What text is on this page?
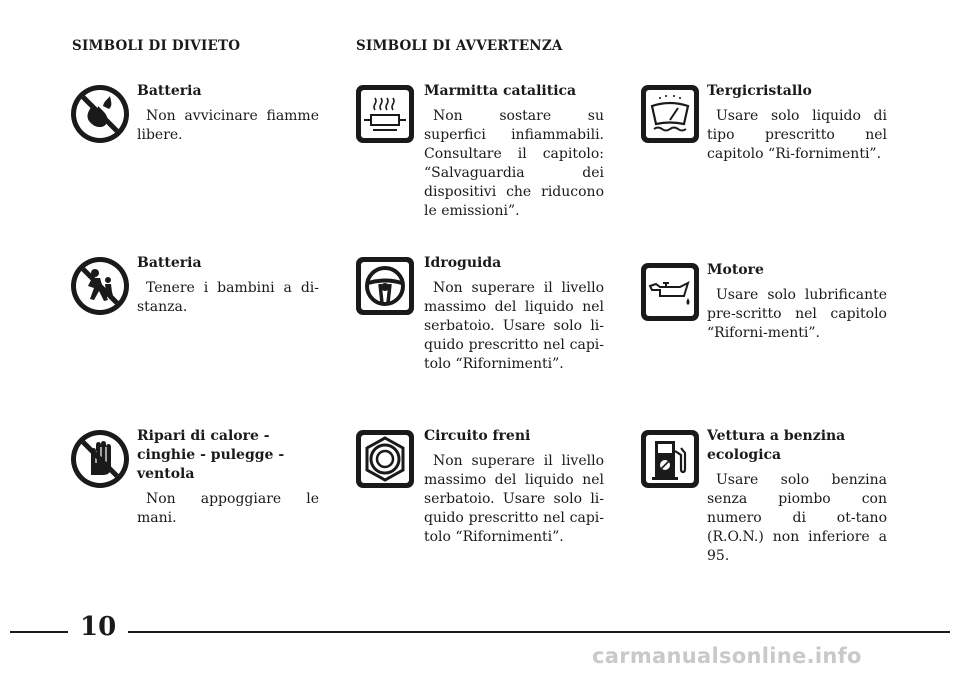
SIMBOLI DI DIVIETO	SIMBOLI DI AVVERTENZA

Batteria

Non avvicinare fiamme libere.

Batteria

Tenere i bambini a di-stanza.

Ripari di calore - cinghie - pulegge - ventola

Non appoggiare le mani.

Marmitta catalitica

Non sostare su superfici infiammabili. Consultare il capitolo: “Salvaguardia dei dispositivi che riducono le emissioni”.

Idroguida

Non superare il livello massimo del liquido nel serbatoio. Usare solo li-quido prescritto nel capi-tolo “Rifornimenti”.

Circuito freni

Non superare il livello massimo del liquido nel serbatoio. Usare solo li-quido prescritto nel capi-tolo “Rifornimenti”.

Tergicristallo

Usare solo liquido di tipo prescritto nel capitolo “Ri-fornimenti”.

Motore

Usare solo lubrificante pre-scritto nel capitolo “Riforni-menti”.

Vettura a benzina ecologica

Usare solo benzina senza piombo con numero di ot-tano (R.O.N.) non inferiore a 95.

10
carmanualsonline.info
